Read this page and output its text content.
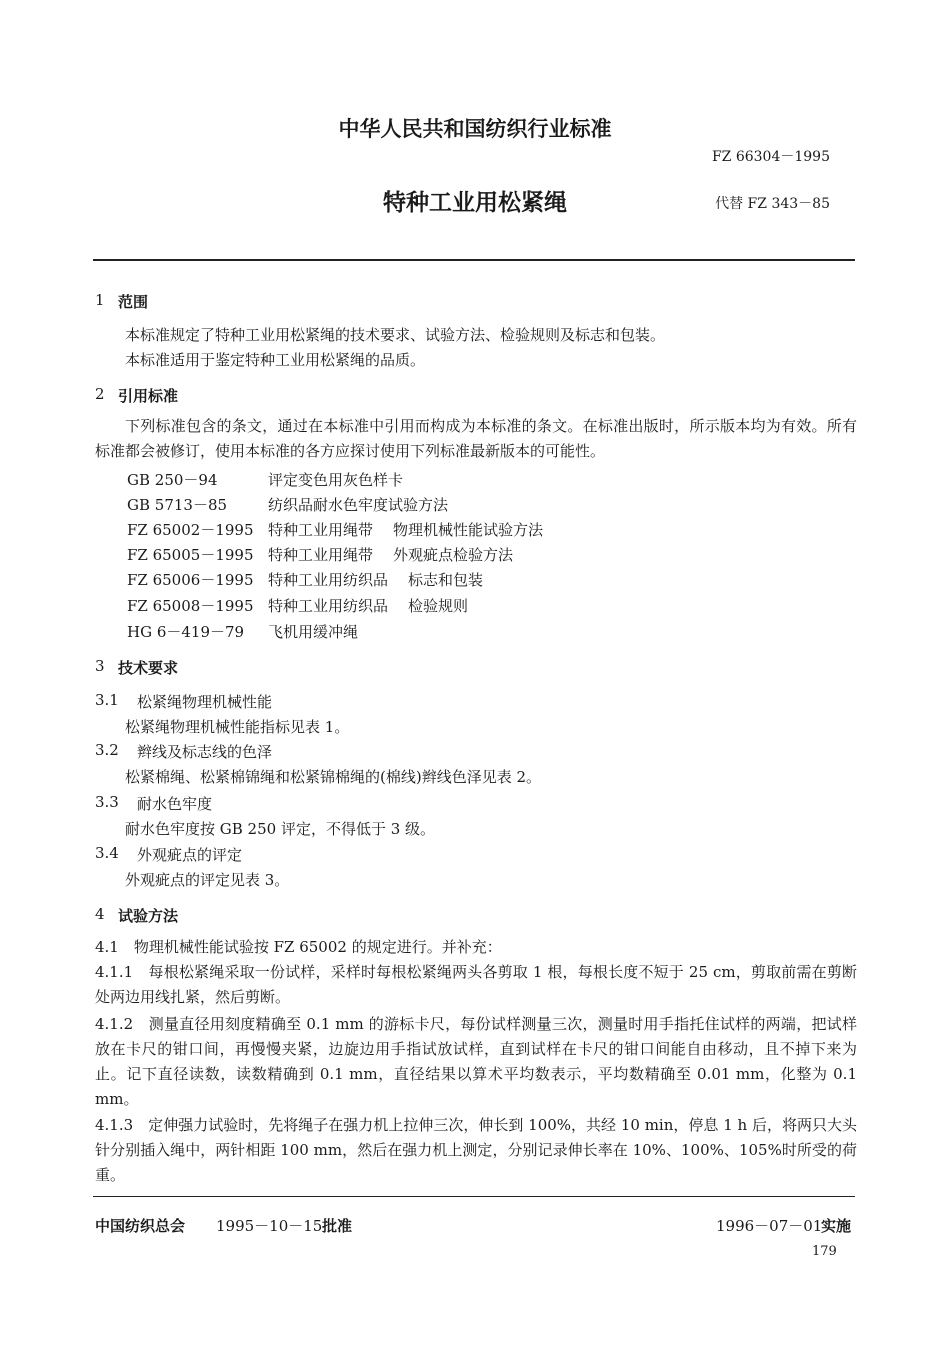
中华人民共和国纺织行业标准
FZ 66304－1995
特种工业用松紧绳	代替 FZ 343－85
1 范围
本标准规定了特种工业用松紧绳的技术要求、试验方法、检验规则及标志和包装。
本标准适用于鉴定特种工业用松紧绳的品质。
2 引用标准
下列标准包含的条文，通过在本标准中引用而构成为本标准的条文。在标准出版时，所示版本均为有效。所有标准都会被修订，使用本标准的各方应探讨使用下列标准最新版本的可能性。
GB 250－94	评定变色用灰色样卡
GB 5713－85	纺织品耐水色牢度试验方法
FZ 65002－1995 特种工业用绳带 物理机械性能试验方法
FZ 65005－1995 特种工业用绳带 外观疵点检验方法
FZ 65006－1995 特种工业用纺织品 标志和包装
FZ 65008－1995 特种工业用纺织品 检验规则
HG 6－419－79 飞机用缓冲绳
3 技术要求
3.1 松紧绳物理机械性能
松紧绳物理机械性能指标见表 1。
3.2 辫线及标志线的色泽
松紧棉绳、松紧棉锦绳和松紧锦棉绳的(棉线)辫线色泽见表 2。
3.3 耐水色牢度
耐水色牢度按 GB 250 评定，不得低于 3 级。
3.4 外观疵点的评定
外观疵点的评定见表 3。
4 试验方法
4.1　物理机械性能试验按 FZ 65002 的规定进行。并补充：
4.1.1　每根松紧绳采取一份试样，采样时每根松紧绳两头各剪取 1 根，每根长度不短于 25 cm，剪取前需在剪断处两边用线扎紧，然后剪断。
4.1.2　测量直径用刻度精确至 0.1 mm 的游标卡尺，每份试样测量三次，测量时用手指托住试样的两端，把试样放在卡尺的钳口间，再慢慢夹紧，边旋边用手指试放试样，直到试样在卡尺的钳口间能自由移动，且不掉下来为止。记下直径读数，读数精确到 0.1 mm，直径结果以算术平均数表示，平均数精确至 0.01 mm，化整为 0.1 mm。
4.1.3　定伸强力试验时，先将绳子在强力机上拉伸三次，伸长到 100%，共经 10 min，停息 1 h 后，将两只大头针分别插入绳中，两针相距 100 mm，然后在强力机上测定，分别记录伸长率在 10%、100%、105%时所受的荷重。
中国纺织总会 1995－10－15 批准	1996－07－01
实施
179
